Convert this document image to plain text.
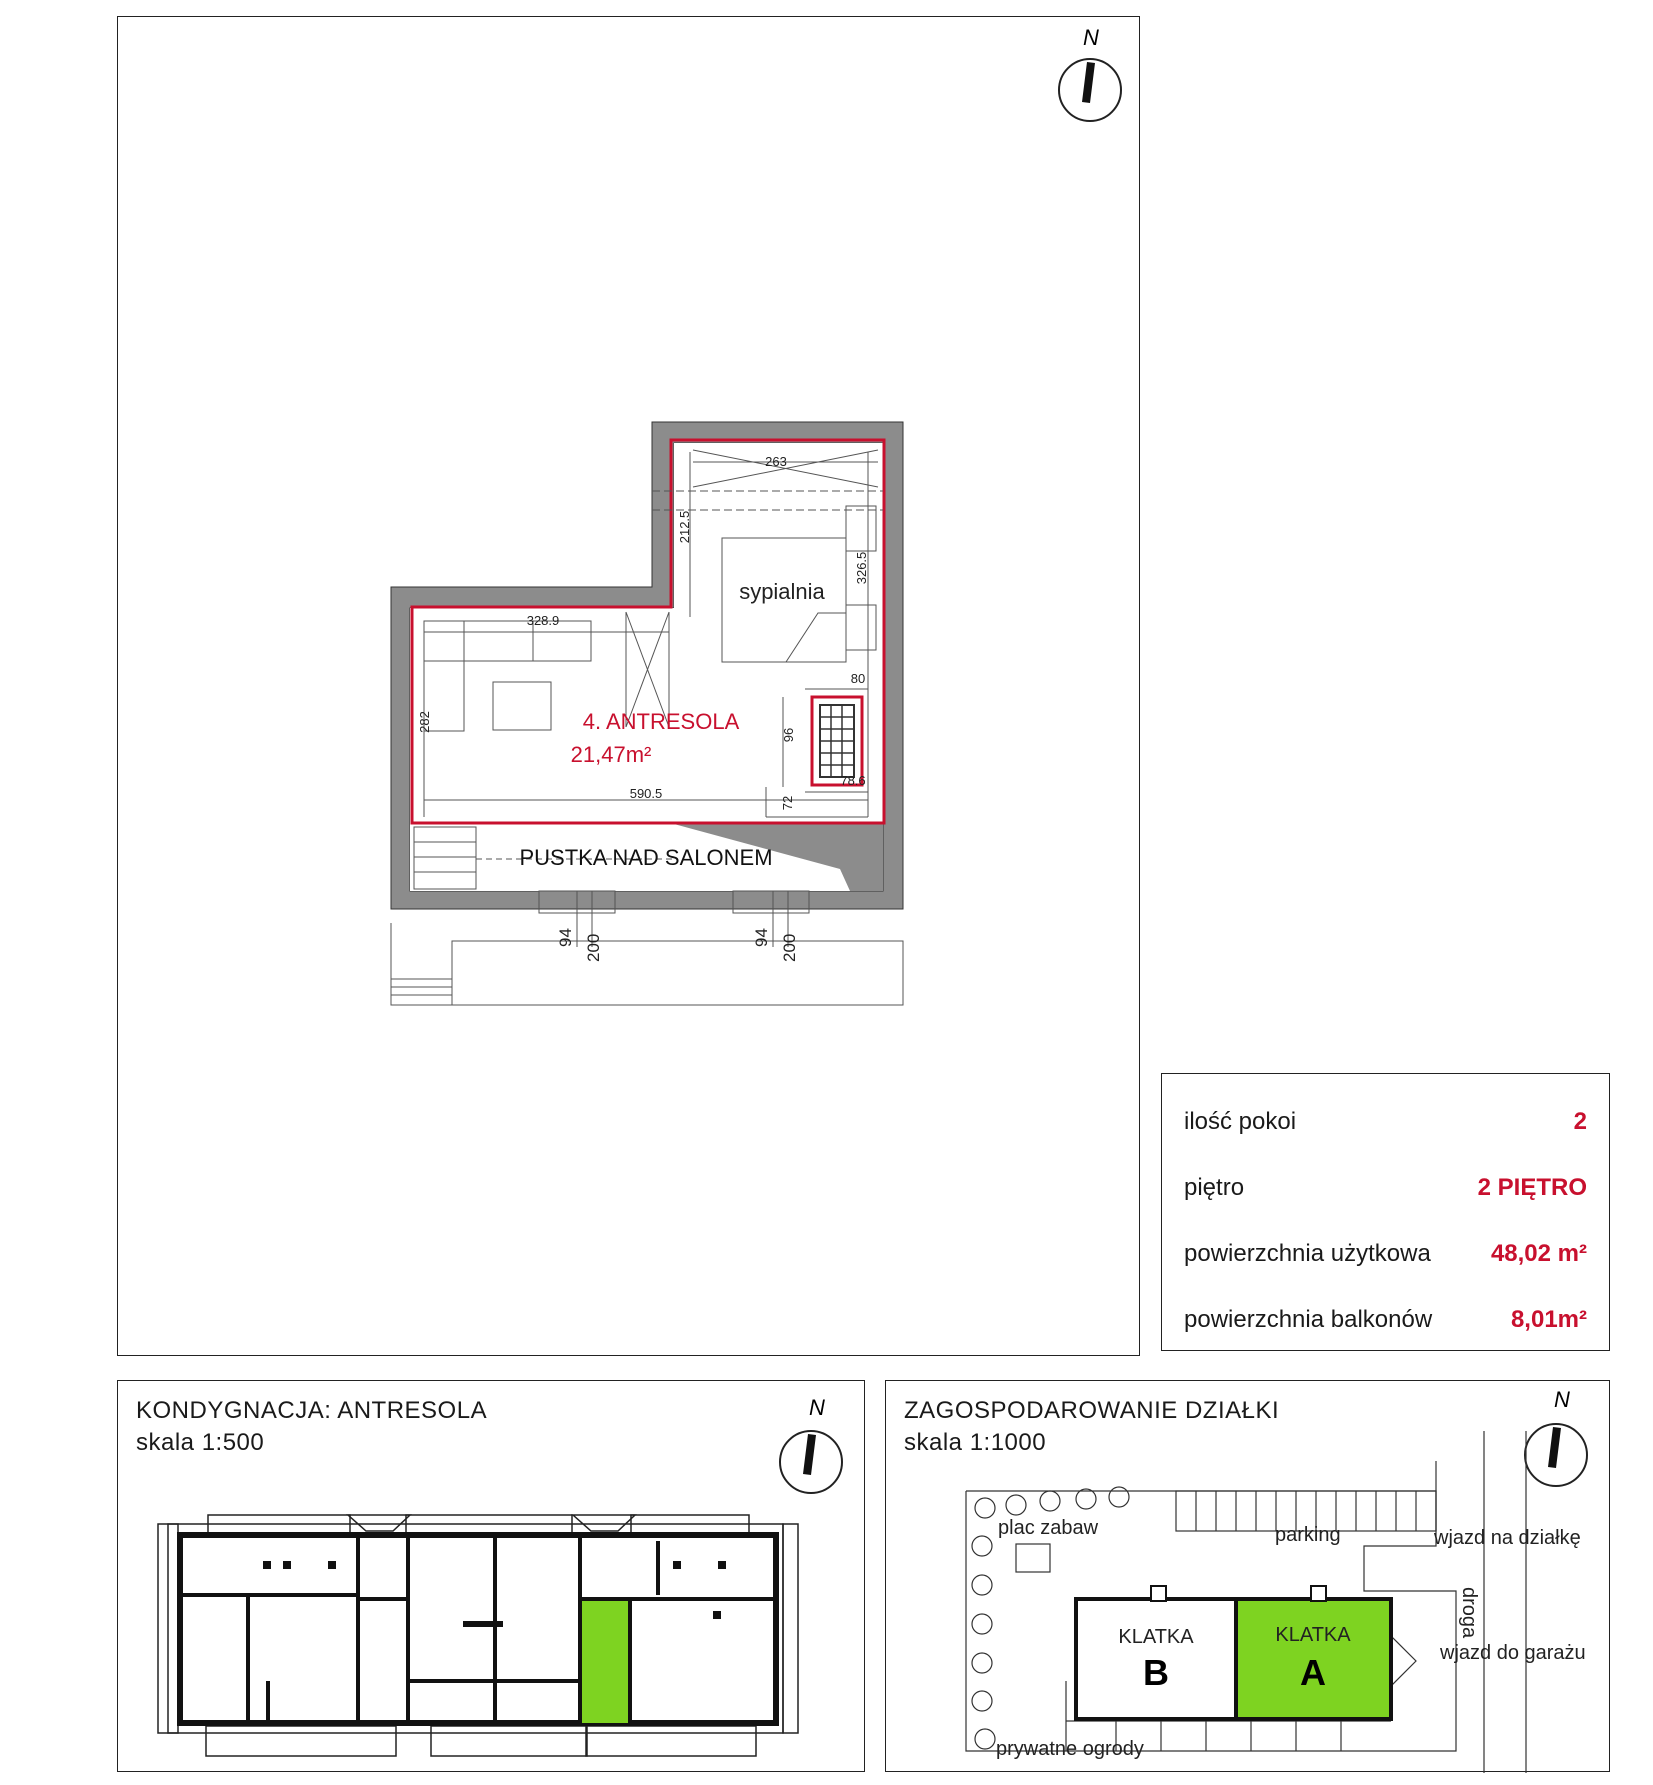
N
sypialnia
4. ANTRESOLA
21,47m²
PUSTKA NAD SALONEM
263
328.9
590.5
80
78.6
282
326.5
212.5
96
72
94 200	94 200
ilość pokoi	2
piętro	2 PIĘTRO
powierzchnia użytkowa	48,02 m²
powierzchnia balkonów	8,01m²
KONDYGNACJA: ANTRESOLA
skala 1:500
N	ZAGOSPODAROWANIE DZIAŁKI
skala 1:1000
N
plac zabaw	parking	wjazd na działkę
droga
wjazd do garażu
prywatne ogrody
KLATKA	KLATKA
B	A
